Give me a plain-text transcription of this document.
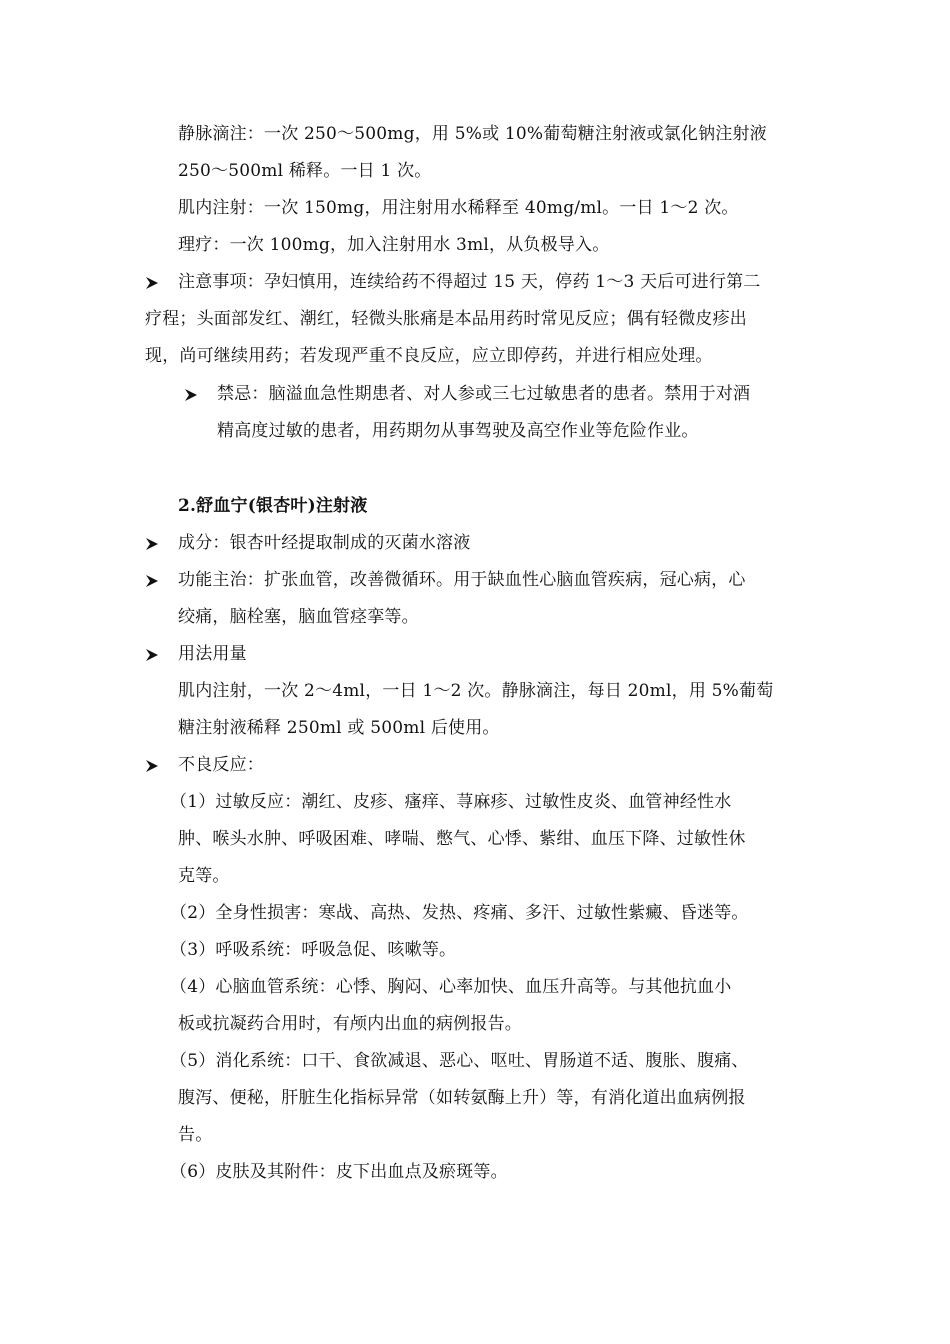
静脉滴注：一次 250～500mg，用 5%或 10%葡萄糖注射液或氯化钠注射液
250～500ml 稀释。一日 1 次。
肌内注射：一次 150mg，用注射用水稀释至 40mg/ml。一日 1～2 次。
理疗：一次 100mg，加入注射用水 3ml，从负极导入。
注意事项：孕妇慎用，连续给药不得超过 15 天，停药 1～3 天后可进行第二
疗程；头面部发红、潮红，轻微头胀痛是本品用药时常见反应；偶有轻微皮疹出
现，尚可继续用药；若发现严重不良反应，应立即停药，并进行相应处理。
禁忌：脑溢血急性期患者、对人参或三七过敏患者的患者。禁用于对酒
精高度过敏的患者，用药期勿从事驾驶及高空作业等危险作业。
2.舒血宁(银杏叶)注射液
成分：银杏叶经提取制成的灭菌水溶液
功能主治：扩张血管，改善微循环。用于缺血性心脑血管疾病，冠心病，心
绞痛，脑栓塞，脑血管痉挛等。
用法用量
肌内注射，一次 2～4ml，一日 1～2 次。静脉滴注，每日 20ml，用 5%葡萄
糖注射液稀释 250ml 或 500ml 后使用。
不良反应：
（1）过敏反应：潮红、皮疹、瘙痒、荨麻疹、过敏性皮炎、血管神经性水
肿、喉头水肿、呼吸困难、哮喘、憋气、心悸、紫绀、血压下降、过敏性休
克等。
（2）全身性损害：寒战、高热、发热、疼痛、多汗、过敏性紫癜、昏迷等。
（3）呼吸系统：呼吸急促、咳嗽等。
（4）心脑血管系统：心悸、胸闷、心率加快、血压升高等。与其他抗血小
板或抗凝药合用时，有颅内出血的病例报告。
（5）消化系统：口干、食欲减退、恶心、呕吐、胃肠道不适、腹胀、腹痛、
腹泻、便秘，肝脏生化指标异常（如转氨酶上升）等，有消化道出血病例报
告。
（6）皮肤及其附件：皮下出血点及瘀斑等。
